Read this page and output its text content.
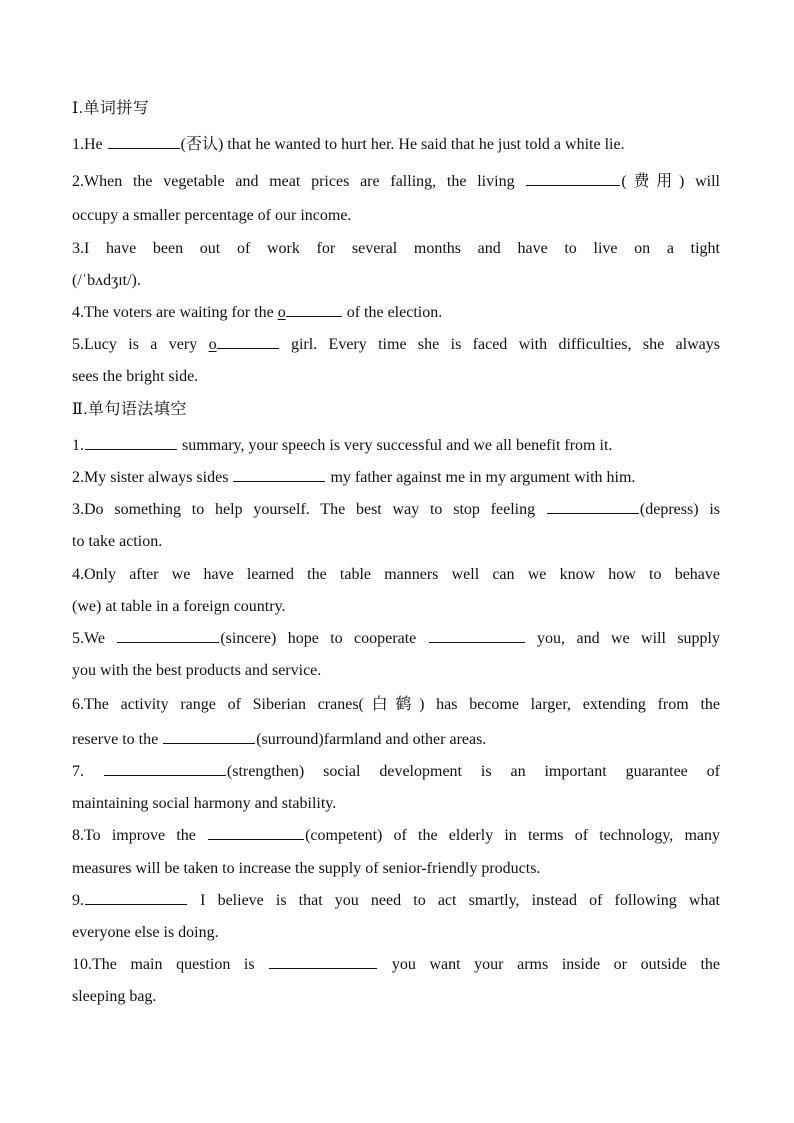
Ⅰ.单词拼写
1.He	(否认) that he wanted to hurt her. He said that he just told a white lie.
2.When the vegetable and meat prices are falling, the living	(费用) will
occupy a smaller percentage of our income.
3.I have been out of work for several months and have to live on a tight
(/ˈbʌdʒɪt/).
4.The voters are waiting for the o	of the election.
5.Lucy is a very o	girl. Every time she is faced with difficulties, she always
sees the bright side.
Ⅱ.单句语法填空
1.	summary, your speech is very successful and we all benefit from it.
2.My sister always sides	my father against me in my argument with him.
3.Do something to help yourself. The best way to stop feeling	(depress) is
to take action.
4.Only after we have learned the table manners well can we know how to behave
(we) at table in a foreign country.
5.We	(sincere) hope to cooperate	you, and we will supply
you with the best products and service.
6.The activity range of Siberian cranes(白鹤) has become larger, extending from the
reserve to the	(surround)farmland and other areas.
7.	(strengthen) social development is an important guarantee of
maintaining social harmony and stability.
8.To improve the	(competent) of the elderly in terms of technology, many
measures will be taken to increase the supply of senior-friendly products.
9.	I believe is that you need to act smartly, instead of following what
everyone else is doing.
10.The main question is	you want your arms inside or outside the
sleeping bag.
